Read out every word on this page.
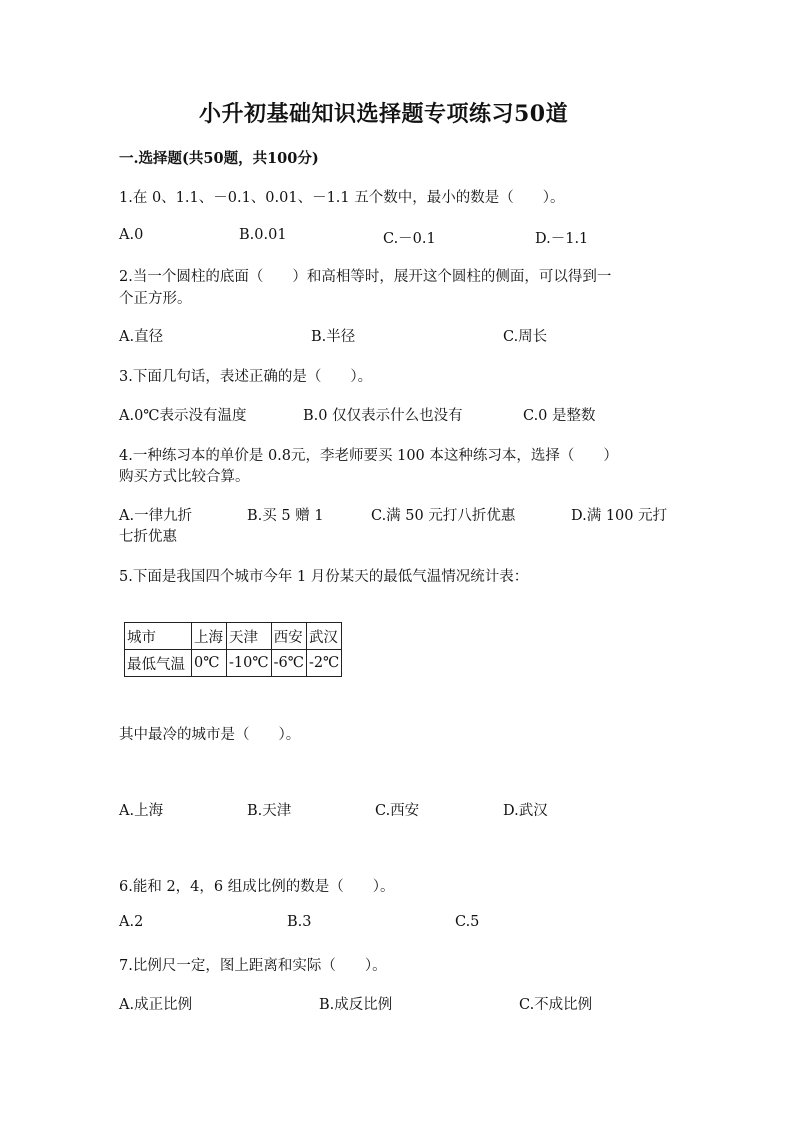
小升初基础知识选择题专项练习50道
一.选择题(共50题，共100分)
1.在 0、1.1、－0.1、0.01、－1.1 五个数中，最小的数是（　　）。
A.0	B.0.01	C.－0.1	D.－1.1
2.当一个圆柱的底面（　　）和高相等时，展开这个圆柱的侧面，可以得到一
个正方形。
A.直径	B.半径	C.周长
3.下面几句话，表述正确的是（　　）。
A.0℃表示没有温度	B.0 仅仅表示什么也没有	C.0 是整数
4.一种练习本的单价是 0.8元，李老师要买 100 本这种练习本，选择（　　）
购买方式比较合算。
A.一律九折	B.买 5 赠 1	C.满 50 元打八折优惠	D.满 100 元打
七折优惠
5.下面是我国四个城市今年 1 月份某天的最低气温情况统计表：
城市	上海	天津	西安	武汉
最低气温	0℃	-10℃	-6℃	-2℃
其中最冷的城市是（　　）。
A.上海	B.天津	C.西安	D.武汉
6.能和 2，4，6 组成比例的数是（　　）。
A.2	B.3	C.5
7.比例尺一定，图上距离和实际（　　）。
A.成正比例	B.成反比例	C.不成比例
